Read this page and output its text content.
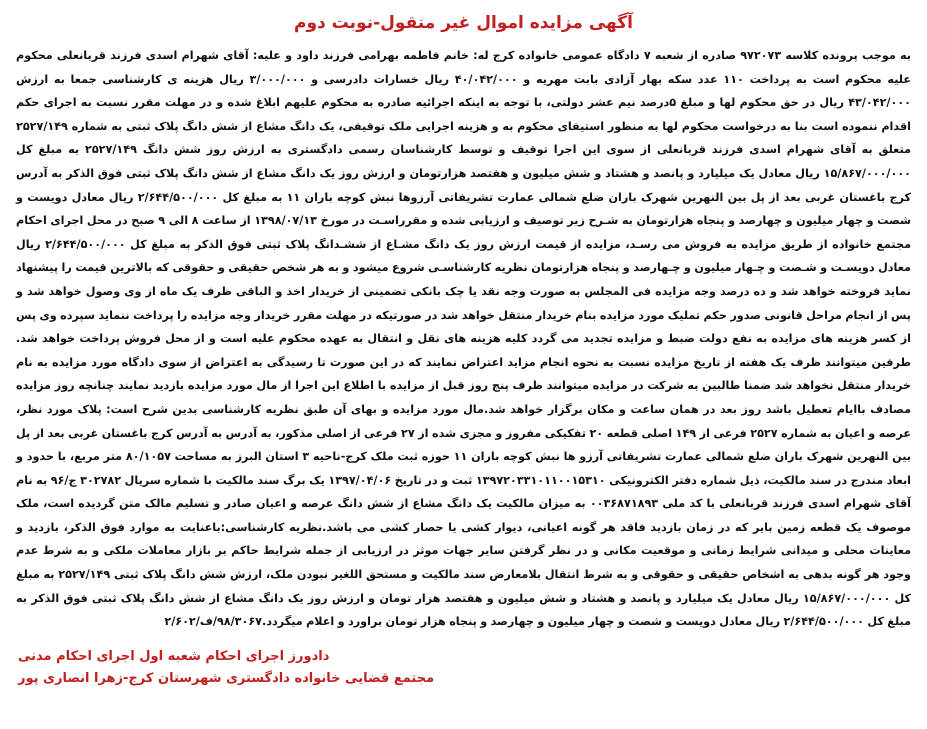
آگهی مزایده اموال غیر منقول-نوبت دوم

به موجب پرونده کلاسه ۹۷۲۰۷۳ صادره از شعبه ۷ دادگاه عمومی خانواده کرج له: خانم فاطمه بهرامی فرزند داود و علیه: آقای شهرام اسدی فرزند قربانعلی محکوم علیه محکوم است به پرداخت ۱۱۰ عدد سکه بهار آزادی بابت مهریه و ۴۰/۰۴۲/۰۰۰ ریال خسارات دادرسی و ۳/۰۰۰/۰۰۰ ریال هزینه ی کارشناسی جمعا به ارزش ۴۳/۰۴۲/۰۰۰ ریال در حق محکوم لها و مبلغ ۵درصد نیم عشر دولتی، با توجه به اینکه اجرائیه صادره به محکوم علیهم ابلاغ شده و در مهلت مقرر نسبت به اجرای حکم اقدام ننموده است بنا به درخواست محکوم لها به منظور استیفای محکوم به و هزینه اجرایی ملک توقیفی، یک دانگ مشاع از شش دانگ پلاک ثبتی به شماره ۲۵۲۷/۱۴۹ متعلق به آقای شهرام اسدی فرزند قربانعلی از سوی این اجرا توقیف و توسط کارشناسان رسمی دادگستری به ارزش روز شش دانگ ۲۵۲۷/۱۴۹ به مبلغ کل ۱۵/۸۶۷/۰۰۰/۰۰۰ ریال معادل یک میلیارد و پانصد و هشتاد و شش میلیون و هفتصد هزارتومان و ارزش روز یک دانگ مشاع از شش دانگ پلاک ثبتی فوق الذکر به آدرس کرج باغستان غربی بعد از پل بین النهرین شهرک باران ضلع شمالی عمارت تشریفاتی آرزوها نبش کوچه باران ۱۱ به مبلغ کل ۲/۶۴۴/۵۰۰/۰۰۰ ریال معادل دویست و شصت و چهار میلیون و چهارصد و پنجاه هزارتومان به شـرح زیر توصیف و ارزیابی شده و مقرراسـت در مورخ ۱۳۹۸/۰۷/۱۳ از ساعت ۸ الی ۹ صبح در محل اجرای احکام مجتمع خانواده از طریق مزایده به فروش می رسـد، مزایده از قیمت ارزش روز یک دانگ مشـاع از ششـدانگ پلاک ثبتی فوق الذکر به مبلغ کل ۲/۶۴۴/۵۰۰/۰۰۰ ریال معادل دویسـت و شـصت و چـهار میلیون و چـهارصد و پنجاه هزارتومان نظریه کارشناسـی شروع میشود و به هر شخص حقیقی و حقوقی که بالاترین قیمت را پیشنهاد نماید فروخته خواهد شد و ده درصد وجه مزایده فی المجلس به صورت وجه نقد یا چک بانکی تضمینی از خریدار اخذ و الباقی ظرف یک ماه از وی وصول خواهد شد و پس از انجام مراحل قانونی صدور حکم تملیک مورد مزایده بنام خریدار منتقل خواهد شد در صورتیکه در مهلت مقرر خریدار وجه مزایده را پرداخت ننماید سپرده وی پس از کسر هزینه های مزایده به نفع دولت ضبط و مزایده تجدید می گردد کلیه هزینه های نقل و انتقال به عهده محکوم علیه است و از محل فروش پرداخت خواهد شد. طرفین میتوانند ظرف یک هفته از تاریخ مزایده نسبت به نحوه انجام مزاید اعتراض نمایند که در این صورت تا رسیدگی به اعتراض از سوی دادگاه مورد مزایده به نام خریدار منتقل نخواهد شد ضمنا طالبین به شرکت در مزایده میتوانند ظرف پنج روز قبل از مزایده با اطلاع این اجرا از مال مورد مزایده بازدید نمایند چنانچه روز مزایده مصادف باایام تعطیل باشد روز بعد در همان ساعت و مکان برگزار خواهد شد.مال مورد مزایده و بهای آن طبق نظریه کارشناسی بدین شرح است: پلاک مورد نظر، عرصه و اعیان به شماره ۲۵۲۷ فرعی از ۱۴۹ اصلی قطعه ۲۰ تفکیکی مفروز و مجزی شده از ۲۷ فرعی از اصلی مذکور، به آدرس به آدرس کرج باغستان غربی بعد از پل بین النهرین شهرک باران ضلع شمالی عمارت تشریفاتی آرزو ها نبش کوچه باران ۱۱ حوزه ثبت ملک کرج-ناحیه ۳ استان البرز به مساحت ۸۰/۱۰۵۷ متر مربع، با حدود و ابعاد مندرج در سند مالکیت، ذیل شماره دفتر الکترونیکی ۱۳۹۷۲۰۳۳۱۰۱۱۰۰۱۵۳۱۰ ثبت و در تاریخ ۱۳۹۷/۰۴/۰۶ یک برگ سند مالکیت با شماره سریال ۳۰۲۷۸۲ ج/۹۶ به نام آقای شهرام اسدی فرزند قربانعلی با کد ملی ۰۰۳۶۸۷۱۸۹۳ به میزان مالکیت یک دانگ مشاع از شش دانگ عرصه و اعیان صادر و تسلیم مالک متن گردیده است، ملک موصوف یک قطعه زمین بایر که در زمان بازدید فاقد هر گونه اعیانی، دیوار کشی یا حصار کشی می باشد.نظریه کارشناسی:باعنایت به موارد فوق الذکر، بازدید و معاینات محلی و میدانی شرایط زمانی و موقعیت مکانی و در نظر گرفتن سایر جهات موثر در ارزیابی از جمله شرایط حاکم بر بازار معاملات ملکی و به شرط عدم وجود هر گونه بدهی به اشخاص حقیقی و حقوقی و به شرط انتقال بلامعارض سند مالکیت و مستحق اللغیر نبودن ملک، ارزش شش دانگ پلاک ثبتی ۲۵۲۷/۱۴۹ به مبلغ کل ۱۵/۸۶۷/۰۰۰/۰۰۰ ریال معادل یک میلیارد و پانصد و هشتاد و شش میلیون و هفتصد هزار تومان و ارزش روز یک دانگ مشاع از شش دانگ پلاک ثبتی فوق الذکر به مبلغ کل ۲/۶۴۴/۵۰۰/۰۰۰ ریال معادل دویست و شصت و چهار میلیون و چهارصد و پنجاه هزار تومان براورد و اعلام میگردد.۹۸/۳۰۶۷/ف/۲/۶۰۲

دادورز اجرای احکام شعبه اول اجرای احکام مدنی
مجتمع قضایی خانواده دادگستری شهرستان کرج-زهرا انصاری پور
